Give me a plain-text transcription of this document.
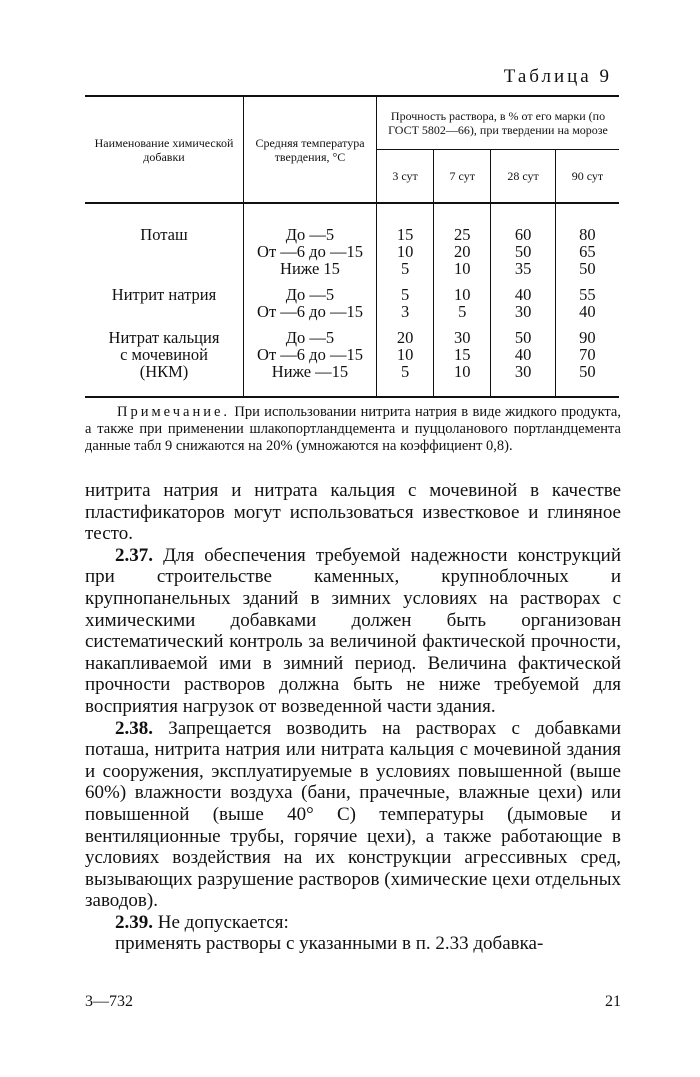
Таблица 9
Наименование химической добавки	Средняя температура твердения, °С	Прочность раствора, в % от его марки (по ГОСТ 5802—66), при твердении на морозе			
		3 сут	7 сут	28 сут	90 сут

Поташ	До —5	15	25	60	80
	От —6 до —15	10	20	50	65
	Ниже 15	5	10	35	50

Нитрит натрия	До —5	5	10	40	55
	От —6 до —15	3	5	30	40

Нитрат кальция	До —5	20	30	50	90
с мочевиной	От —6 до —15	10	15	40	70
(НКМ)	Ниже —15	5	10	30	50

Примечание. При использовании нитрита натрия в виде жидкого продукта, а также при применении шлакопортландцемента и пуццоланового портландцемента данные табл 9 снижаются на 20% (умножаются на коэффициент 0,8).

нитрита натрия и нитрата кальция с мочевиной в качестве пластификаторов могут использоваться известковое и глиняное тесто.

2.37. Для обеспечения требуемой надежности конструкций при строительстве каменных, крупноблочных и крупнопанельных зданий в зимних условиях на растворах с химическими добавками должен быть организован систематический контроль за величиной фактической прочности, накапливаемой ими в зимний период. Величина фактической прочности растворов должна быть не ниже требуемой для восприятия нагрузок от возведенной части здания.

2.38. Запрещается возводить на растворах с добавками поташа, нитрита натрия или нитрата кальция с мочевиной здания и сооружения, эксплуатируемые в условиях повышенной (выше 60%) влажности воздуха (бани, прачечные, влажные цехи) или повышенной (выше 40° С) температуры (дымовые и вентиляционные трубы, горячие цехи), а также работающие в условиях воздействия на их конструкции агрессивных сред, вызывающих разрушение растворов (химические цехи отдельных заводов).

2.39. Не допускается:

применять растворы с указанными в п. 2.33 добавка-

3—732	21
